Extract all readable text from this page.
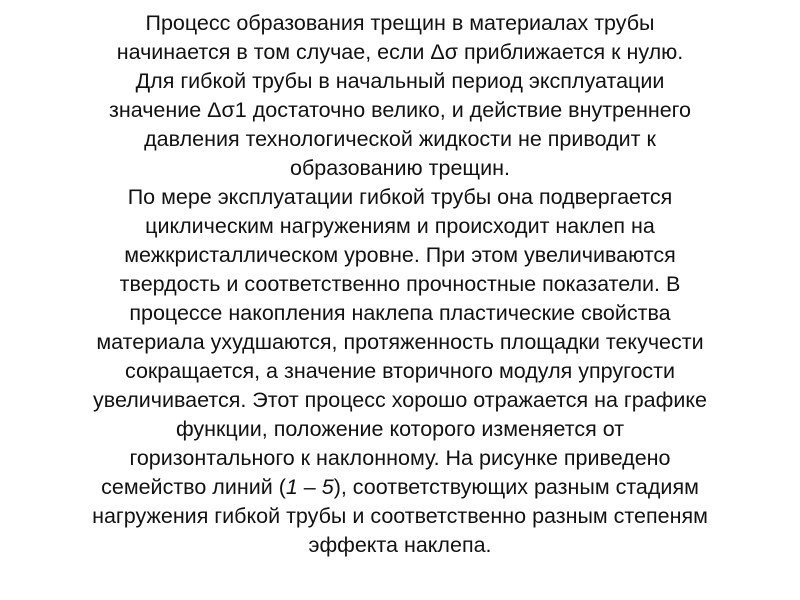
Процесс образования трещин в материалах трубы
начинается в том случае, если Δσ приближается к нулю.
Для гибкой трубы в начальный период эксплуатации
значение Δσ1 достаточно велико, и действие внутреннего
давления технологической жидкости не приводит к
образованию трещин.
По мере эксплуатации гибкой трубы она подвергается
циклическим нагружениям и происходит наклеп на
межкристаллическом уровне. При этом увеличиваются
твердость и соответственно прочностные показатели. В
процессе накопления наклепа пластические свойства
материала ухудшаются, протяженность площадки текучести
сокращается, а значение вторичного модуля упругости
увеличивается. Этот процесс хорошо отражается на графике
функции, положение которого изменяется от
горизонтального к наклонному. На рисунке приведено
семейство линий (1 – 5), соответствующих разным стадиям
нагружения гибкой трубы и соответственно разным степеням
эффекта наклепа.
